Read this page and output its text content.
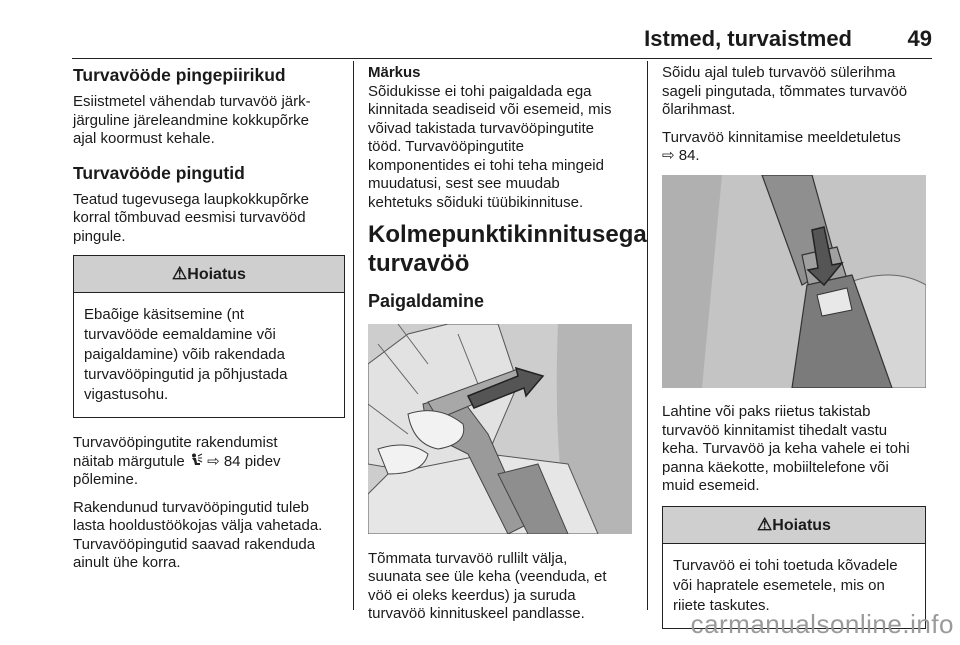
Istmed, turvaistmed	49
Turvavööde pingepiirikud

Esiistmetel vähendab turvavöö järk-
järguline järeleandmine kokkupõrke
ajal koormust kehale.

Turvavööde pingutid

Teatud tugevusega laupkokkupõrke
korral tõmbuvad eesmisi turvavööd
pingule.

⚠Hoiatus
Ebaõige käsitsemine (nt
turvavööde eemaldamine või
paigaldamine) võib rakendada
turvavööpingutid ja põhjustada
vigastusohu.

Turvavööpingutite rakendumist
näitab märgutule ⇨ 84 pidev
põlemine.

Rakendunud turvavööpingutid tuleb
lasta hooldustöökojas välja vahetada.
Turvavööpingutid saavad rakenduda
ainult ühe korra.

Märkus
Sõidukisse ei tohi paigaldada ega
kinnitada seadiseid või esemeid, mis
võivad takistada turvavööpingutite
tööd. Turvavööpingutite
komponentides ei tohi teha mingeid
muudatusi, sest see muudab
kehtetuks sõiduki tüübikinnituse.
Kolmepunktikinnitusega
turvavöö
Paigaldamine

Tõmmata turvavöö rullilt välja,
suunata see üle keha (veenduda, et
vöö ei oleks keerdus) ja suruda
turvavöö kinnituskeel pandlasse.

Sõidu ajal tuleb turvavöö sülerihma
sageli pingutada, tõmmates turvavöö
õlarihmast.

Turvavöö kinnitamise meeldetuletus
⇨ 84.

Lahtine või paks riietus takistab
turvavöö kinnitamist tihedalt vastu
keha. Turvavöö ja keha vahele ei tohi
panna käekotte, mobiiltelefone või
muid esemeid.

⚠Hoiatus
Turvavöö ei tohi toetuda kõvadele
või hapratele esemetele, mis on
riiete taskutes.
carmanualsonline.info
